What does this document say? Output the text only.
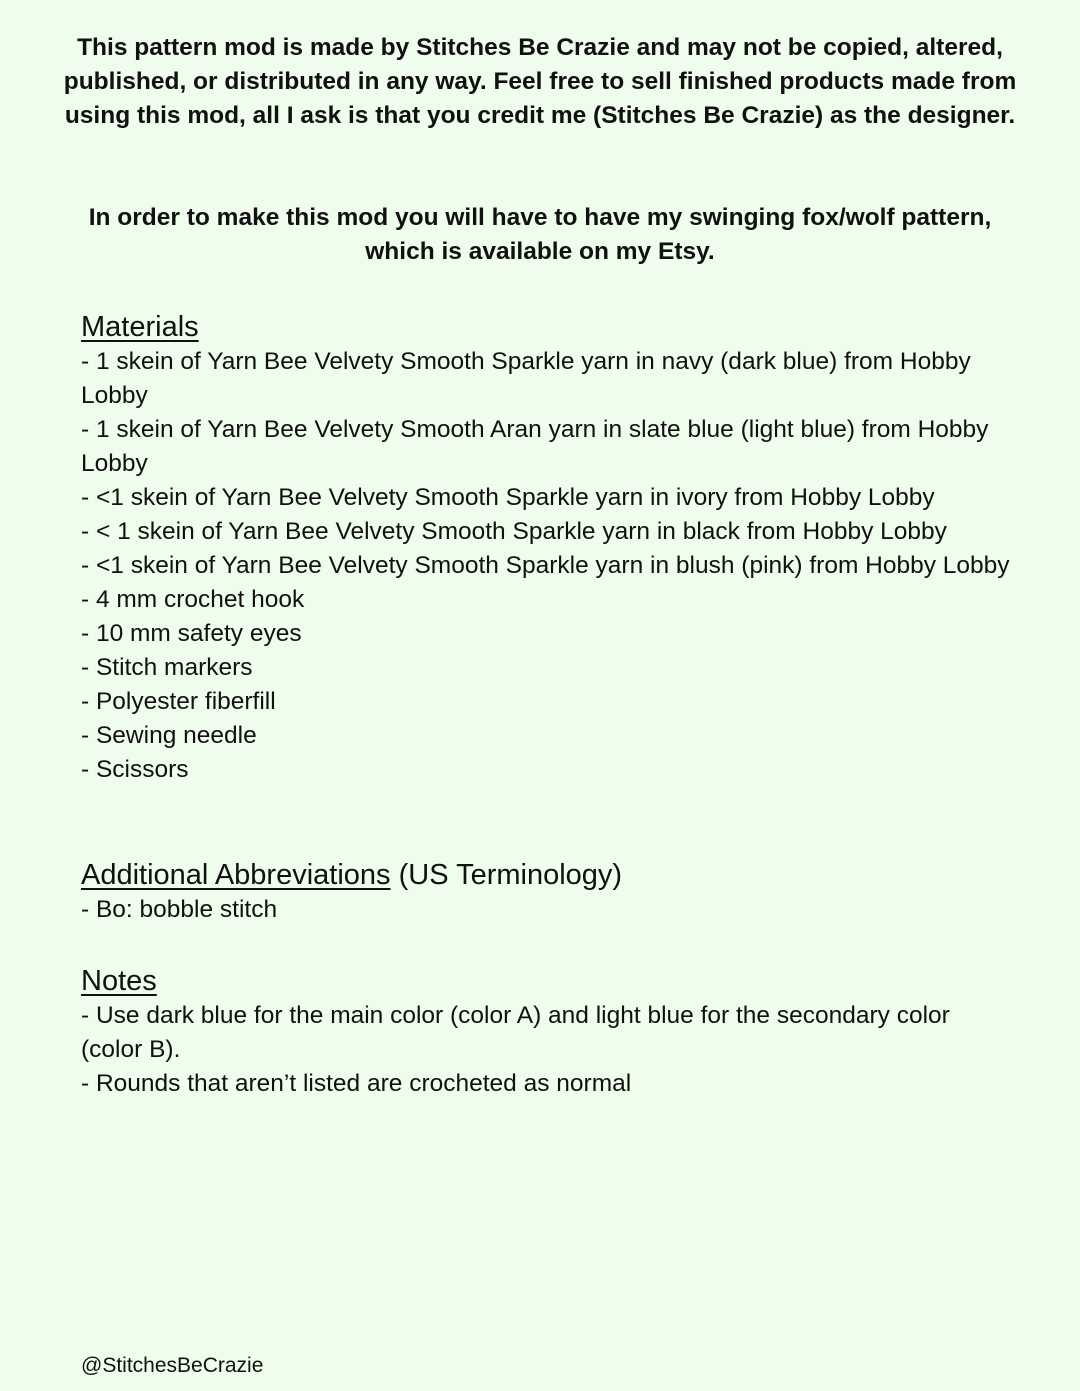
This pattern mod is made by Stitches Be Crazie and may not be copied, altered, published, or distributed in any way. Feel free to sell finished products made from using this mod, all I ask is that you credit me (Stitches Be Crazie) as the designer.

In order to make this mod you will have to have my swinging fox/wolf pattern, which is available on my Etsy.

Materials

- 1 skein of Yarn Bee Velvety Smooth Sparkle yarn in navy (dark blue) from Hobby Lobby
- 1 skein of Yarn Bee Velvety Smooth Aran yarn in slate blue (light blue) from Hobby Lobby
- <1 skein of Yarn Bee Velvety Smooth Sparkle yarn in ivory from Hobby Lobby
- < 1 skein of Yarn Bee Velvety Smooth Sparkle yarn in black from Hobby Lobby
- <1 skein of Yarn Bee Velvety Smooth Sparkle yarn in blush (pink) from Hobby Lobby
- 4 mm crochet hook
- 10 mm safety eyes
- Stitch markers
- Polyester fiberfill
- Sewing needle
- Scissors

Additional Abbreviations (US Terminology)

- Bo: bobble stitch

Notes

- Use dark blue for the main color (color A) and light blue for the secondary color (color B).
- Rounds that aren’t listed are crocheted as normal

@StitchesBeCrazie
